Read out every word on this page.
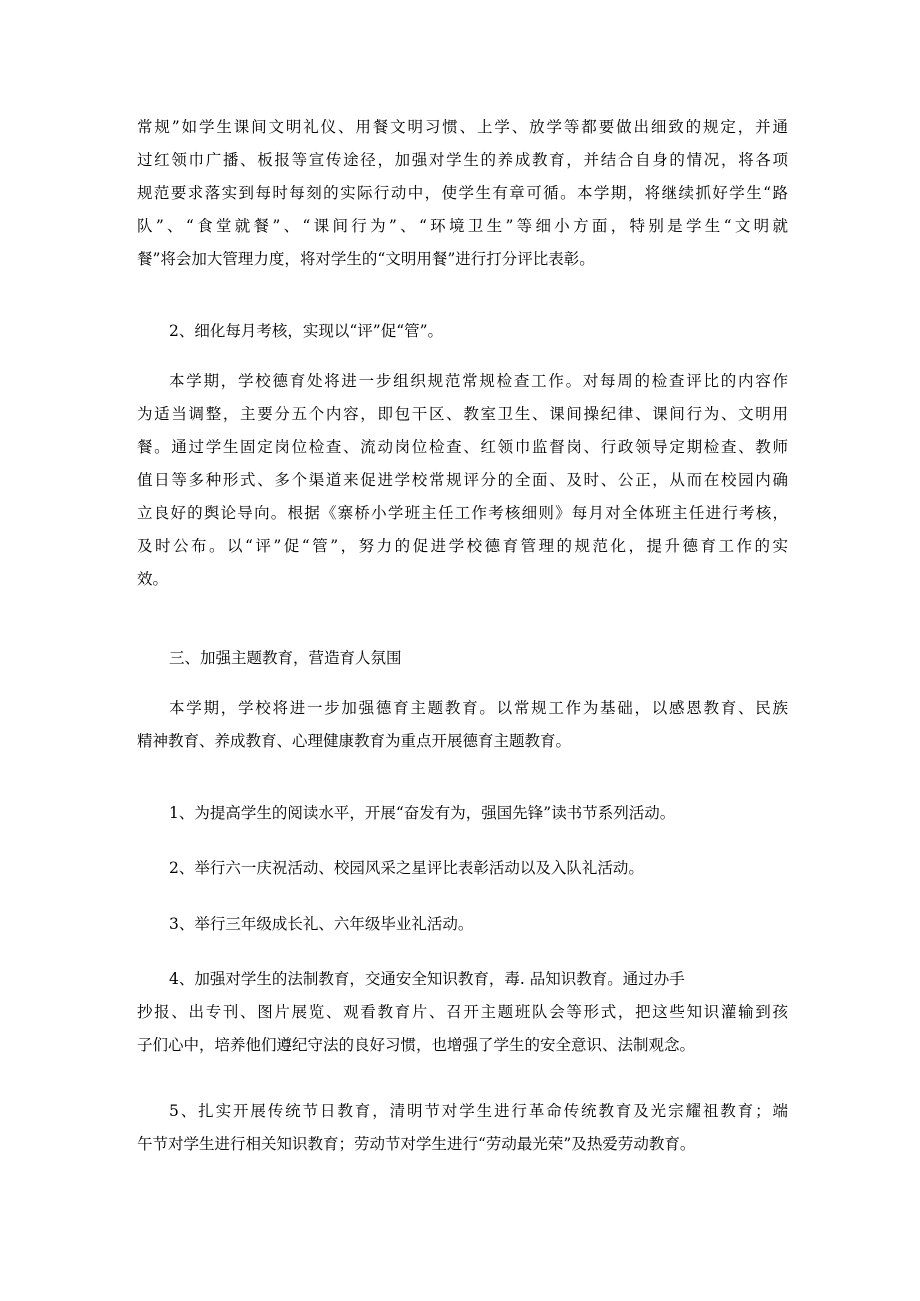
常规”如学生课间文明礼仪、用餐文明习惯、上学、放学等都要做出细致的规定，并通
过红领巾广播、板报等宣传途径，加强对学生的养成教育，并结合自身的情况，将各项
规范要求落实到每时每刻的实际行动中，使学生有章可循。本学期，将继续抓好学生“路
队”、“食堂就餐”、“课间行为”、“环境卫生”等细小方面，特别是学生“文明就
餐”将会加大管理力度，将对学生的“文明用餐”进行打分评比表彰。
2、细化每月考核，实现以“评”促“管”。
本学期，学校德育处将进一步组织规范常规检查工作。对每周的检查评比的内容作
为适当调整，主要分五个内容，即包干区、教室卫生、课间操纪律、课间行为、文明用
餐。通过学生固定岗位检查、流动岗位检查、红领巾监督岗、行政领导定期检查、教师
值日等多种形式、多个渠道来促进学校常规评分的全面、及时、公正，从而在校园内确
立良好的舆论导向。根据《寨桥小学班主任工作考核细则》每月对全体班主任进行考核，
及时公布。以“评”促“管”，努力的促进学校德育管理的规范化，提升德育工作的实
效。
三、加强主题教育，营造育人氛围
本学期，学校将进一步加强德育主题教育。以常规工作为基础，以感恩教育、民族
精神教育、养成教育、心理健康教育为重点开展德育主题教育。
1、为提高学生的阅读水平，开展“奋发有为，强国先锋”读书节系列活动。
2、举行六一庆祝活动、校园风采之星评比表彰活动以及入队礼活动。
3、举行三年级成长礼、六年级毕业礼活动。
4、加强对学生的法制教育，交通安全知识教育，毒. 品知识教育。通过办手
抄报、出专刊、图片展览、观看教育片、召开主题班队会等形式，把这些知识灌输到孩
子们心中，培养他们遵纪守法的良好习惯，也增强了学生的安全意识、法制观念。
5、扎实开展传统节日教育，清明节对学生进行革命传统教育及光宗耀祖教育；端
午节对学生进行相关知识教育；劳动节对学生进行“劳动最光荣”及热爱劳动教育。
